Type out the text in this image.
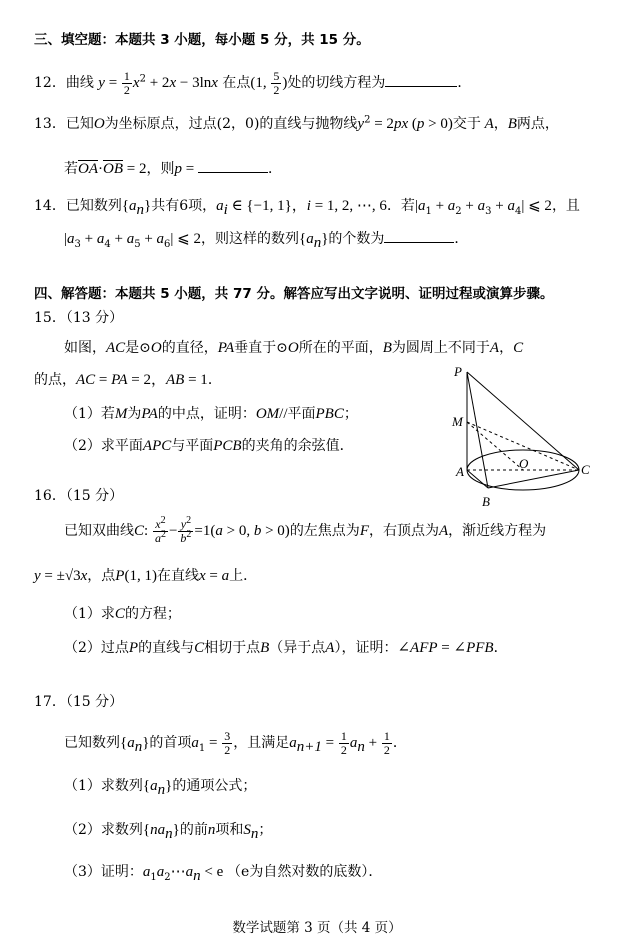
三、填空题：本题共 3 小题，每小题 5 分，共 15 分。
12．曲线 $y = \frac{1}{2} x^2 + 2x - 3\ln x$ 在点(1, $\frac{5}{2}$ )处的切线方程为	．
13．已知O为坐标原点，过点(2，0)的直线与抛物线$y^2 = 2px$ (p > 0)交于 A，B两点，
若$\overline{OA}\cdot\overline{OB} = 2$，则p =	．
14．已知数列$\{a_n\}$共有6项，$a_i$ ∈ {−1, 1}，i = 1, 2, ⋯, 6．若$|a_1 + a_2 + a_3 + a_4|$ ⩽ 2，且
$|a_3 + a_4 + a_5 + a_6|$ ⩽ 2，则这样的数列$\{a_n\}$的个数为	．
四、解答题：本题共 5 小题，共 77 分。解答应写出文字说明、证明过程或演算步骤。
15．（13 分）
如图，AC是⊙O的直径，PA垂直于⊙O所在的平面，B为圆周上不同于A，C
的点，AC = PA = 2，AB = 1．
（1）若M为PA的中点，证明：OM//平面PBC；
（2）求平面APC与平面PCB的夹角的余弦值．
P
M
A
O	C
B
16．（15 分）
已知双曲线C: $\frac{x^2}{a^2} - \frac{y^2}{b^2} =1(a > 0$, b > 0)的左焦点为F，右顶点为A，渐近线方程为
y = ±√3x，点P(1, 1)在直线x = a上．
（1）求C的方程；
（2）过点P的直线与C相切于点B（异于点A），证明：∠AFP = ∠PFB．
17．（15 分）
已知数列$\{a_n\}$的首项$a_1 = \frac{3}{2}$ ，且满足$a_{n+1} = \frac{1}{2} a_n + \frac{1}{2}$ ．
（1）求数列$\{a_n\}$的通项公式；
（2）求数列$\{na_n\}$的前n项和$S_n$；
（3）证明：$a_1a_2\cdots a_n < e$ （e为自然对数的底数）．
数学试题第 3 页（共 4 页）
